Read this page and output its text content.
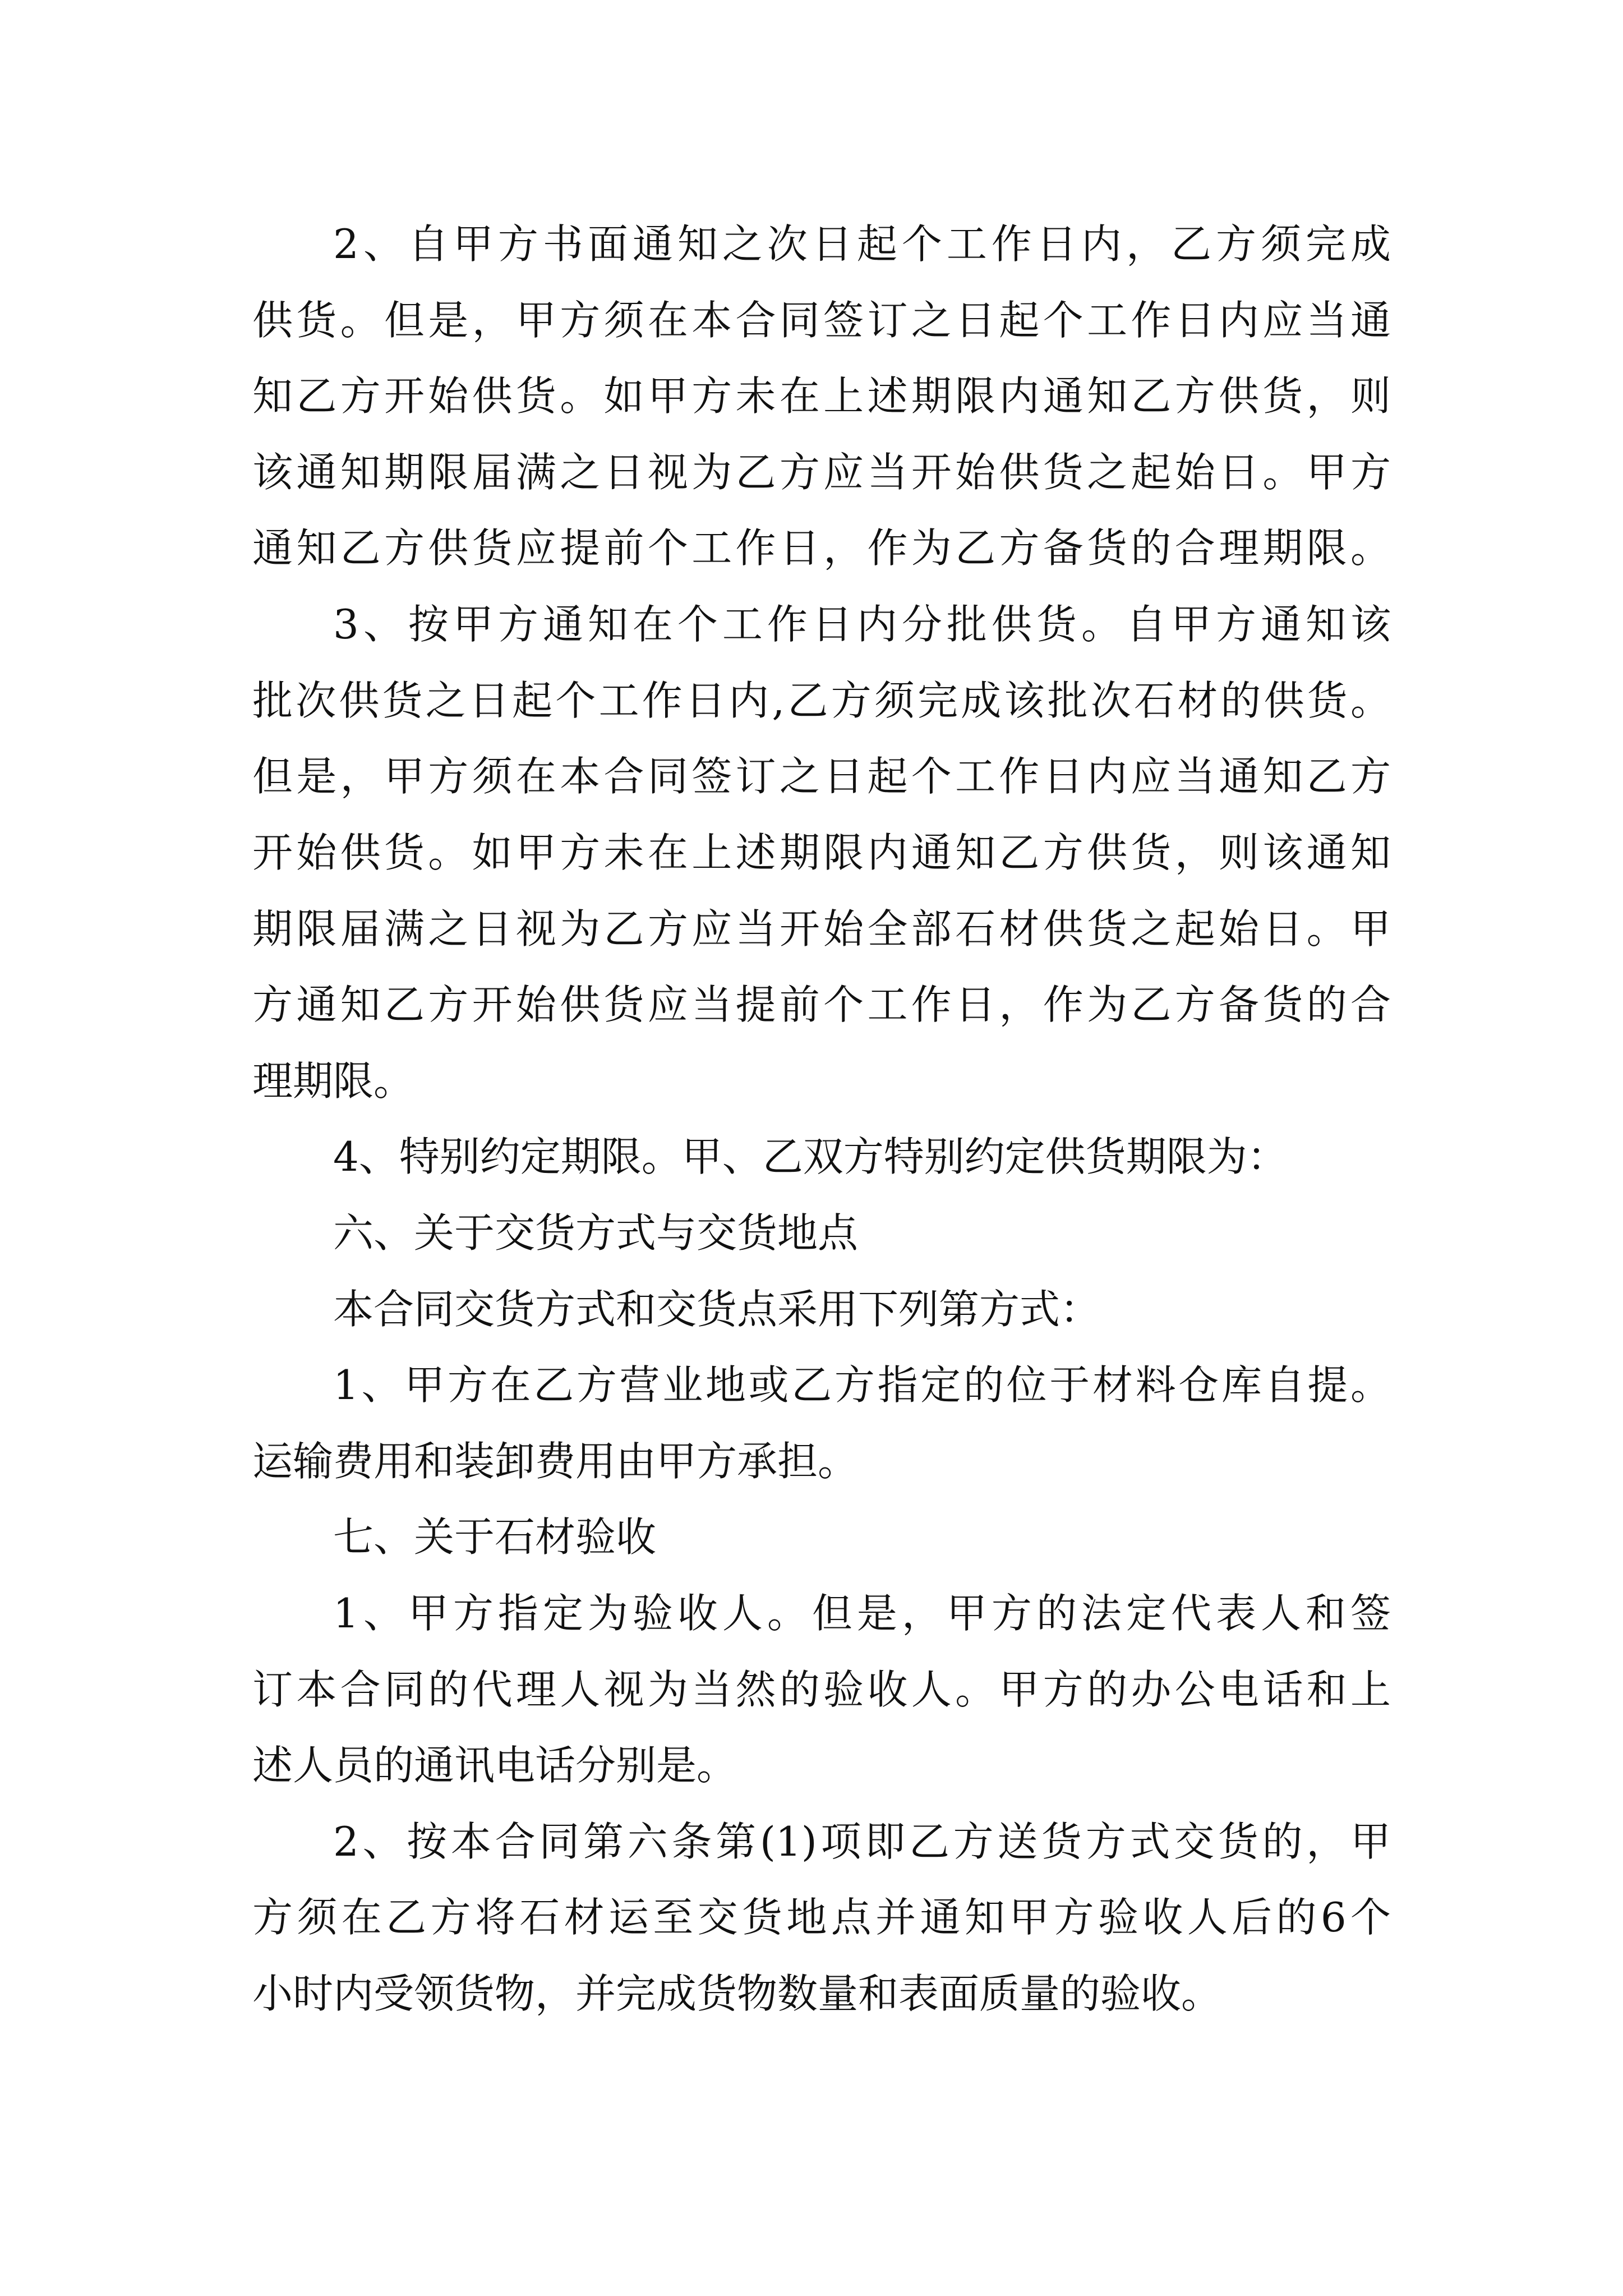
2、自甲方书面通知之次日起个工作日内，乙方须完成
供货。但是，甲方须在本合同签订之日起个工作日内应当通
知乙方开始供货。如甲方未在上述期限内通知乙方供货，则
该通知期限届满之日视为乙方应当开始供货之起始日。甲方
通知乙方供货应提前个工作日，作为乙方备货的合理期限。
3、按甲方通知在个工作日内分批供货。自甲方通知该
批次供货之日起个工作日内,乙方须完成该批次石材的供货。
但是，甲方须在本合同签订之日起个工作日内应当通知乙方
开始供货。如甲方未在上述期限内通知乙方供货，则该通知
期限届满之日视为乙方应当开始全部石材供货之起始日。甲
方通知乙方开始供货应当提前个工作日，作为乙方备货的合
理期限。
4、特别约定期限。甲、乙双方特别约定供货期限为：
六、关于交货方式与交货地点
本合同交货方式和交货点采用下列第方式：
1、甲方在乙方营业地或乙方指定的位于材料仓库自提。
运输费用和装卸费用由甲方承担。
七、关于石材验收
1、甲方指定为验收人。但是，甲方的法定代表人和签
订本合同的代理人视为当然的验收人。甲方的办公电话和上
述人员的通讯电话分别是。
2、按本合同第六条第(1)项即乙方送货方式交货的，甲
方须在乙方将石材运至交货地点并通知甲方验收人后的6个
小时内受领货物，并完成货物数量和表面质量的验收。
